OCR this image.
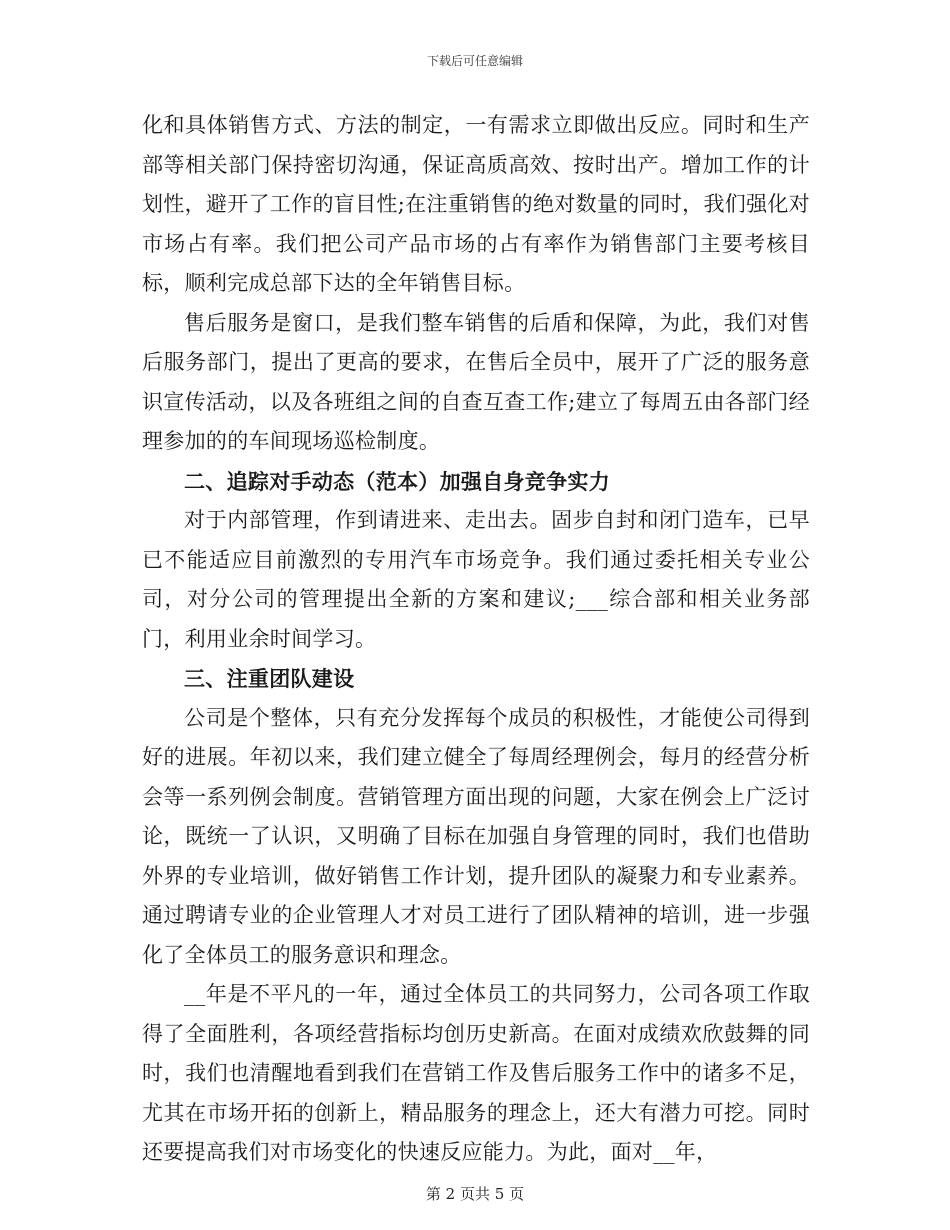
下载后可任意编辑

化和具体销售方式、方法的制定，一有需求立即做出反应。同时和生产部等相关部门保持密切沟通，保证高质高效、按时出产。增加工作的计划性，避开了工作的盲目性;在注重销售的绝对数量的同时，我们强化对市场占有率。我们把公司产品市场的占有率作为销售部门主要考核目标，顺利完成总部下达的全年销售目标。

售后服务是窗口，是我们整车销售的后盾和保障，为此，我们对售后服务部门，提出了更高的要求，在售后全员中，展开了广泛的服务意识宣传活动，以及各班组之间的自查互查工作;建立了每周五由各部门经理参加的的车间现场巡检制度。

二、追踪对手动态（范本）加强自身竞争实力

对于内部管理，作到请进来、走出去。固步自封和闭门造车，已早已不能适应目前激烈的专用汽车市场竞争。我们通过委托相关专业公司，对分公司的管理提出全新的方案和建议;___综合部和相关业务部门，利用业余时间学习。

三、注重团队建设

公司是个整体，只有充分发挥每个成员的积极性，才能使公司得到好的进展。年初以来，我们建立健全了每周经理例会，每月的经营分析会等一系列例会制度。营销管理方面出现的问题，大家在例会上广泛讨论，既统一了认识，又明确了目标在加强自身管理的同时，我们也借助外界的专业培训，做好销售工作计划，提升团队的凝聚力和专业素养。通过聘请专业的企业管理人才对员工进行了团队精神的培训，进一步强化了全体员工的服务意识和理念。

__年是不平凡的一年，通过全体员工的共同努力，公司各项工作取得了全面胜利，各项经营指标均创历史新高。在面对成绩欢欣鼓舞的同时，我们也清醒地看到我们在营销工作及售后服务工作中的诸多不足，尤其在市场开拓的创新上，精品服务的理念上，还大有潜力可挖。同时还要提高我们对市场变化的快速反应能力。为此，面对__年，

第 2 页共 5 页
